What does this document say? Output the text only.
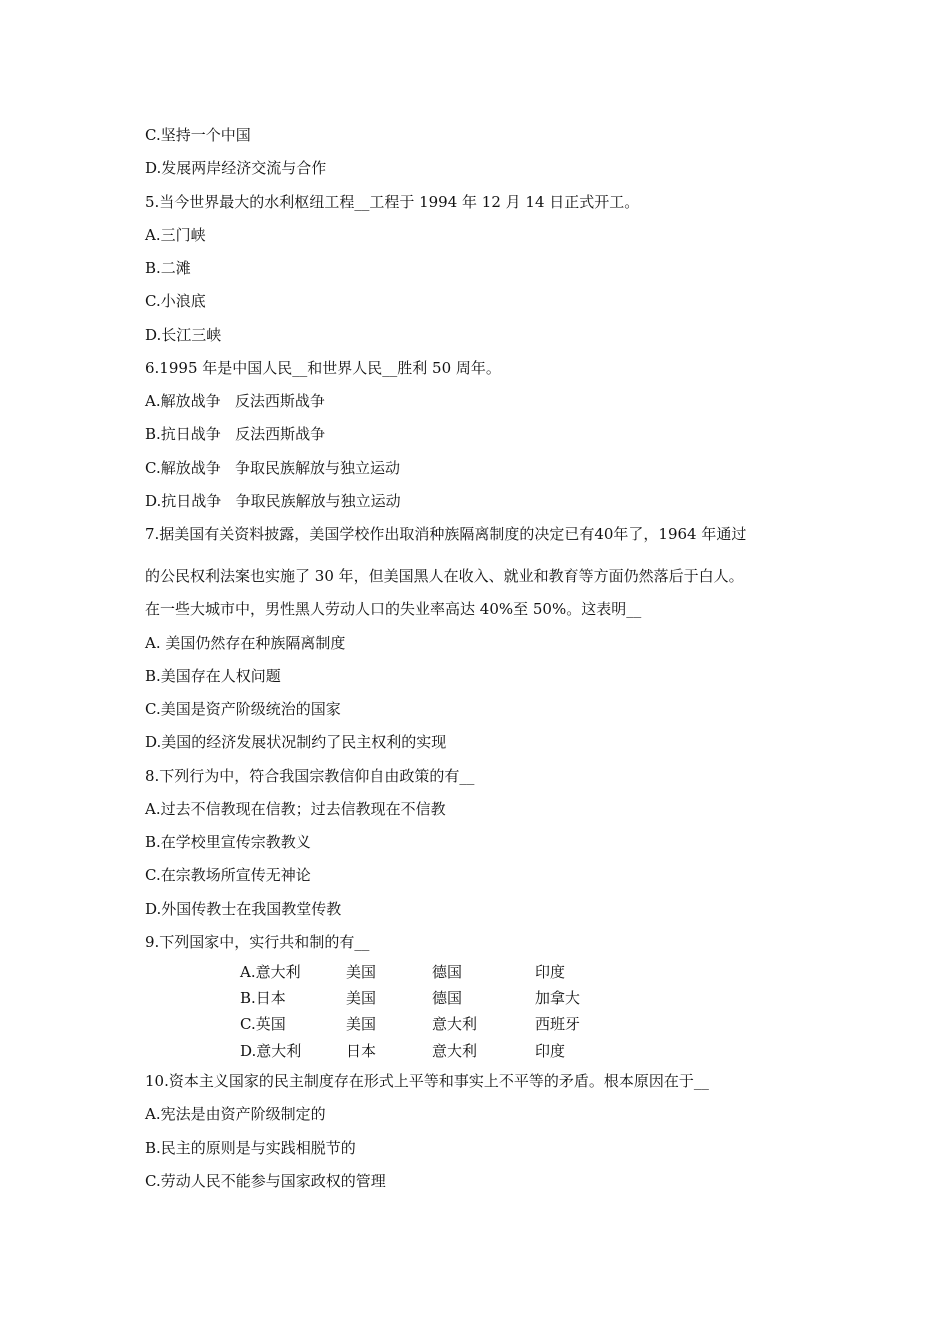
C.坚持一个中国
D.发展两岸经济交流与合作
5.当今世界最大的水利枢纽工程__工程于 1994 年 12 月 14 日正式开工。
A.三门峡
B.二滩
C.小浪底
D.长江三峡
6.1995 年是中国人民__和世界人民__胜利 50 周年。
A.解放战争   反法西斯战争
B.抗日战争   反法西斯战争
C.解放战争   争取民族解放与独立运动
D.抗日战争   争取民族解放与独立运动
7.据美国有关资料披露，美国学校作出取消种族隔离制度的决定已有40年了，1964 年通过
的公民权利法案也实施了 30 年，但美国黑人在收入、就业和教育等方面仍然落后于白人。
在一些大城市中，男性黑人劳动人口的失业率高达 40%至 50%。这表明__
A. 美国仍然存在种族隔离制度
B.美国存在人权问题
C.美国是资产阶级统治的国家
D.美国的经济发展状况制约了民主权利的实现
8.下列行为中，符合我国宗教信仰自由政策的有__
A.过去不信教现在信教；过去信教现在不信教
B.在学校里宣传宗教教义
C.在宗教场所宣传无神论
D.外国传教士在我国教堂传教
9.下列国家中，实行共和制的有__
A.意大利	美国	德国	印度
B.日本	美国	德国	加拿大
C.英国	美国	意大利	西班牙
D.意大利	日本	意大利	印度
10.资本主义国家的民主制度存在形式上平等和事实上不平等的矛盾。根本原因在于__
A.宪法是由资产阶级制定的
B.民主的原则是与实践相脱节的
C.劳动人民不能参与国家政权的管理
